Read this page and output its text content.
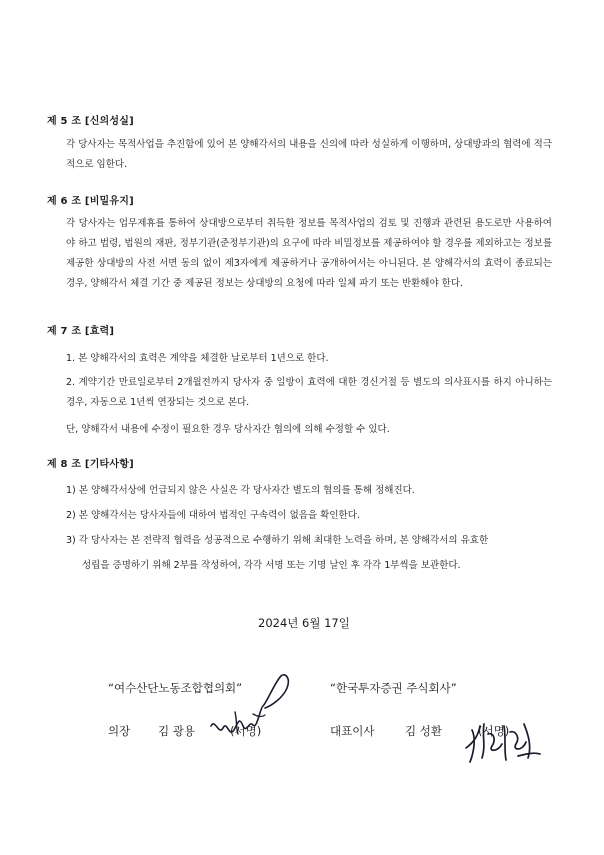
제 5 조 [신의성실]
각 당사자는 목적사업을 추진함에 있어 본 양해각서의 내용을 신의에 따라 성실하게 이행하며, 상대방과의 협력에 적극적으로 임한다.
제 6 조 [비밀유지]
각 당사자는 업무제휴를 통하여 상대방으로부터 취득한 정보를 목적사업의 검토 및 진행과 관련된 용도로만 사용하여야 하고 법령, 법원의 재판, 정부기관(준정부기관)의 요구에 따라 비밀정보를 제공하여야 할 경우를 제외하고는 정보를 제공한 상대방의 사전 서면 동의 없이 제3자에게 제공하거나 공개하여서는 아니된다. 본 양해각서의 효력이 종료되는 경우, 양해각서 체결 기간 중 제공된 정보는 상대방의 요청에 따라 일체 파기 또는 반환해야 한다.
제 7 조 [효력]
1. 본 양해각서의 효력은 계약을 체결한 날로부터 1년으로 한다.
2. 계약기간 만료일로부터 2개월전까지 당사자 중 일방이 효력에 대한 경신거절 등 별도의 의사표시를 하지 아니하는 경우, 자동으로 1년씩 연장되는 것으로 본다.
단, 양해각서 내용에 수정이 필요한 경우 당사자간 협의에 의해 수정할 수 있다.
제 8 조 [기타사항]
1) 본 양해각서상에 언급되지 않은 사실은 각 당사자간 별도의 협의를 통해 정해진다.
2) 본 양해각서는 당사자들에 대하여 법적인 구속력이 없음을 확인한다.
3) 각 당사자는 본 전략적 협력을 성공적으로 수행하기 위해 최대한 노력을 하며, 본 양해각서의 유효한
성립을 증명하기 위해 2부를 작성하여, 각각 서명 또는 기명 날인 후 각각 1부씩을 보관한다.
2024년 6월 17일
“여수산단노동조합협의회”
의장 김 광용	(서명)
“한국투자증권 주식회사”
대표이사	김 성환	(서명)
